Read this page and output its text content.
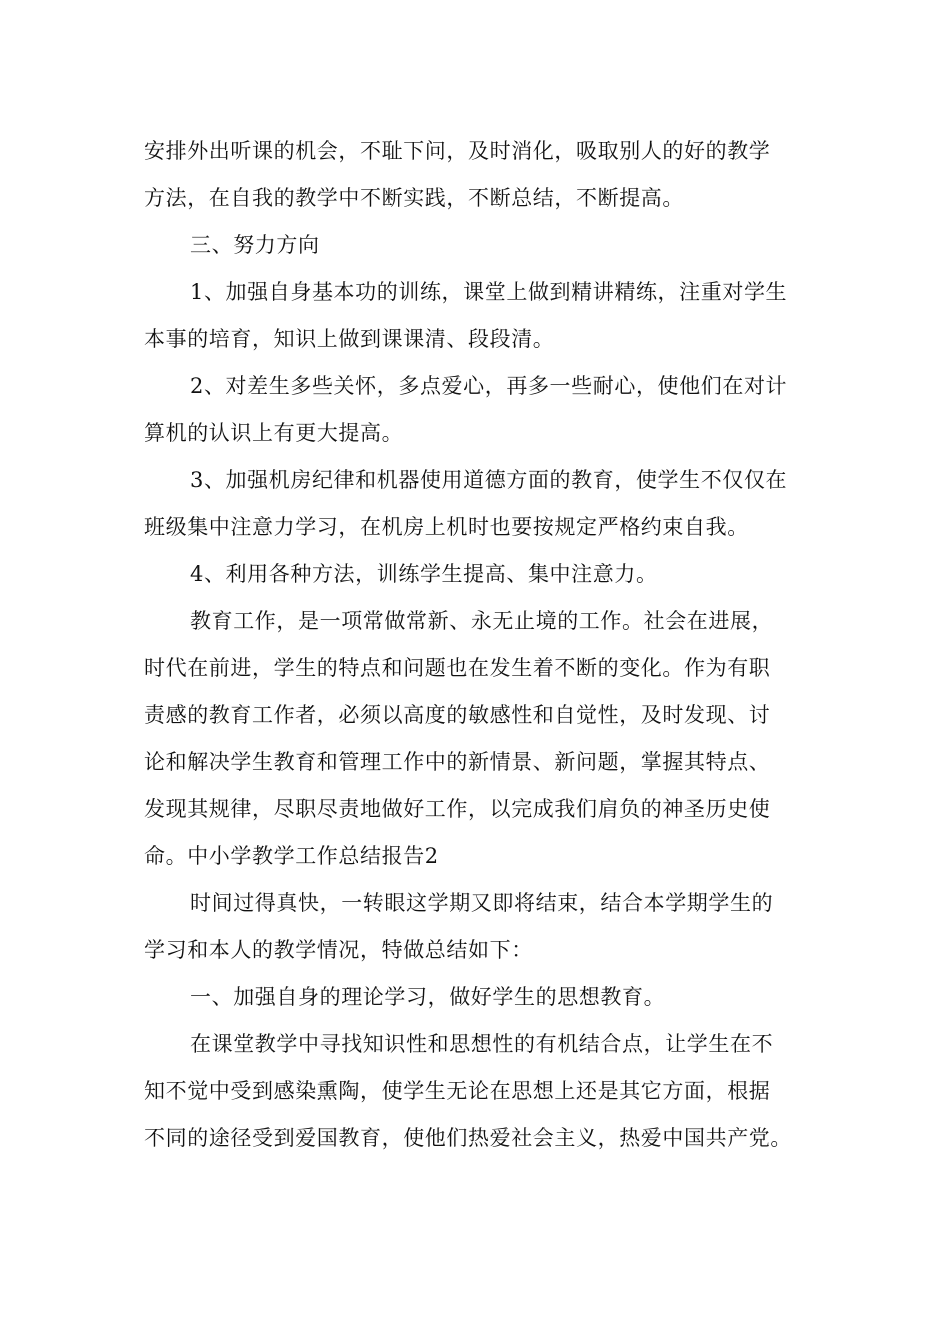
安排外出听课的机会，不耻下问，及时消化，吸取别人的好的教学
方法，在自我的教学中不断实践，不断总结，不断提高。
三、努力方向
1、加强自身基本功的训练，课堂上做到精讲精练，注重对学生
本事的培育，知识上做到课课清、段段清。
2、对差生多些关怀，多点爱心，再多一些耐心，使他们在对计
算机的认识上有更大提高。
3、加强机房纪律和机器使用道德方面的教育，使学生不仅仅在
班级集中注意力学习，在机房上机时也要按规定严格约束自我。
4、利用各种方法，训练学生提高、集中注意力。
教育工作，是一项常做常新、永无止境的工作。社会在进展，
时代在前进，学生的特点和问题也在发生着不断的变化。作为有职
责感的教育工作者，必须以高度的敏感性和自觉性，及时发现、讨
论和解决学生教育和管理工作中的新情景、新问题，掌握其特点、
发现其规律，尽职尽责地做好工作，以完成我们肩负的神圣历史使
命。中小学教学工作总结报告2
时间过得真快，一转眼这学期又即将结束，结合本学期学生的
学习和本人的教学情况，特做总结如下：
一、加强自身的理论学习，做好学生的思想教育。
在课堂教学中寻找知识性和思想性的有机结合点，让学生在不
知不觉中受到感染熏陶，使学生无论在思想上还是其它方面，根据
不同的途径受到爱国教育，使他们热爱社会主义，热爱中国共产党。
